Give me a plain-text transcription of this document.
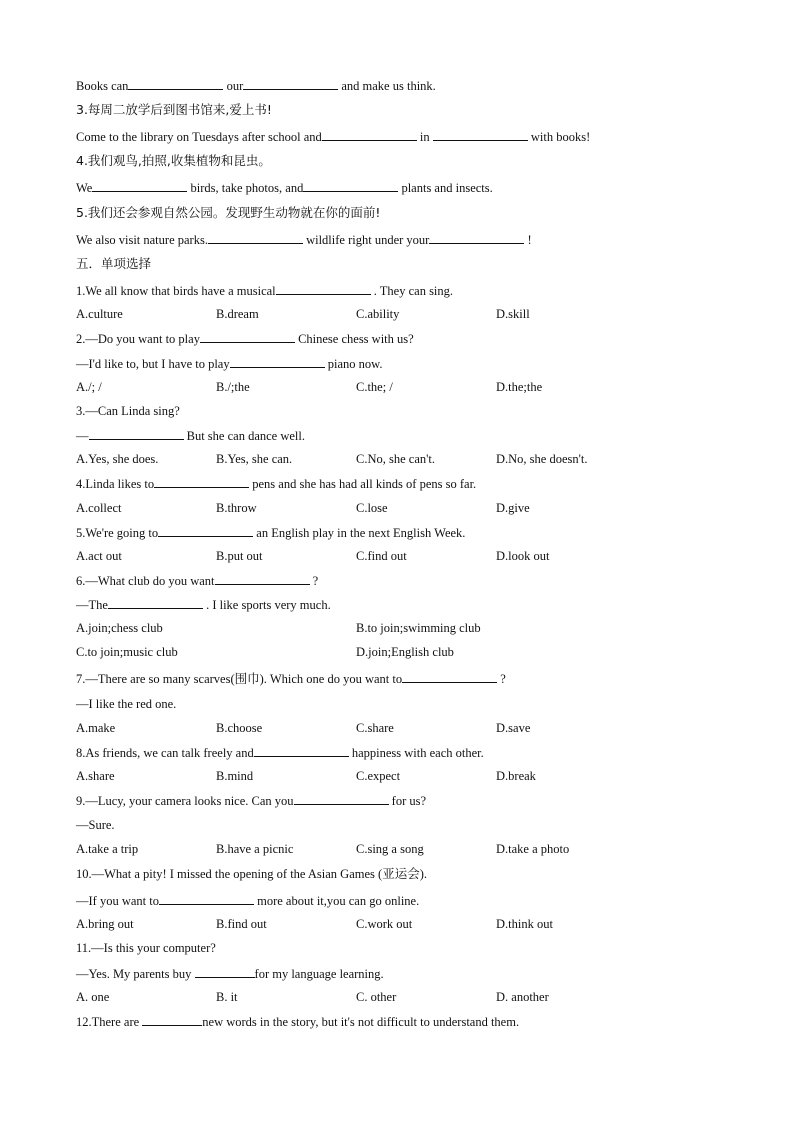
Books can	our	and make us think.
3.每周二放学后到图书馆来,爱上书!
Come to the library on Tuesdays after school and	in	with books!
4.我们观鸟,拍照,收集植物和昆虫。
We	birds, take photos, and	plants and insects.
5.我们还会参观自然公园。发现野生动物就在你的面前!
We also visit nature parks.	wildlife right under your	!
五．单项选择
1.We all know that birds have a musical	. They can sing.
A.culture	B.dream	C.ability	D.skill
2.—Do you want to play	Chinese chess with us?
—I'd like to, but I have to play	piano now.
A./; /	B./;the	C.the; /	D.the;the
3.—Can Linda sing?
—	But she can dance well.
A.Yes, she does.	B.Yes, she can.	C.No, she can't.	D.No, she doesn't.
4.Linda likes to	pens and she has had all kinds of pens so far.
A.collect	B.throw	C.lose	D.give
5.We're going to	an English play in the next English Week.
A.act out	B.put out	C.find out	D.look out
6.—What club do you want	?
—The	. I like sports very much.
A.join;chess club	B.to join;swimming club
C.to join;music club	D.join;English club
7.—There are so many scarves(围巾). Which one do you want to	?
—I like the red one.
A.make	B.choose	C.share	D.save
8.As friends, we can talk freely and	happiness with each other.
A.share	B.mind	C.expect	D.break
9.—Lucy, your camera looks nice. Can you	for us?
—Sure.
A.take a trip	B.have a picnic	C.sing a song	D.take a photo
10.—What a pity! I missed the opening of the Asian Games (亚运会).
—If you want to	more about it,you can go online.
A.bring out	B.find out	C.work out	D.think out
11.—Is this your computer?
—Yes. My parents buy	for my language learning.
A. one	B. it	C. other	D. another
12.There are	new words in the story, but it's not difficult to understand them.
